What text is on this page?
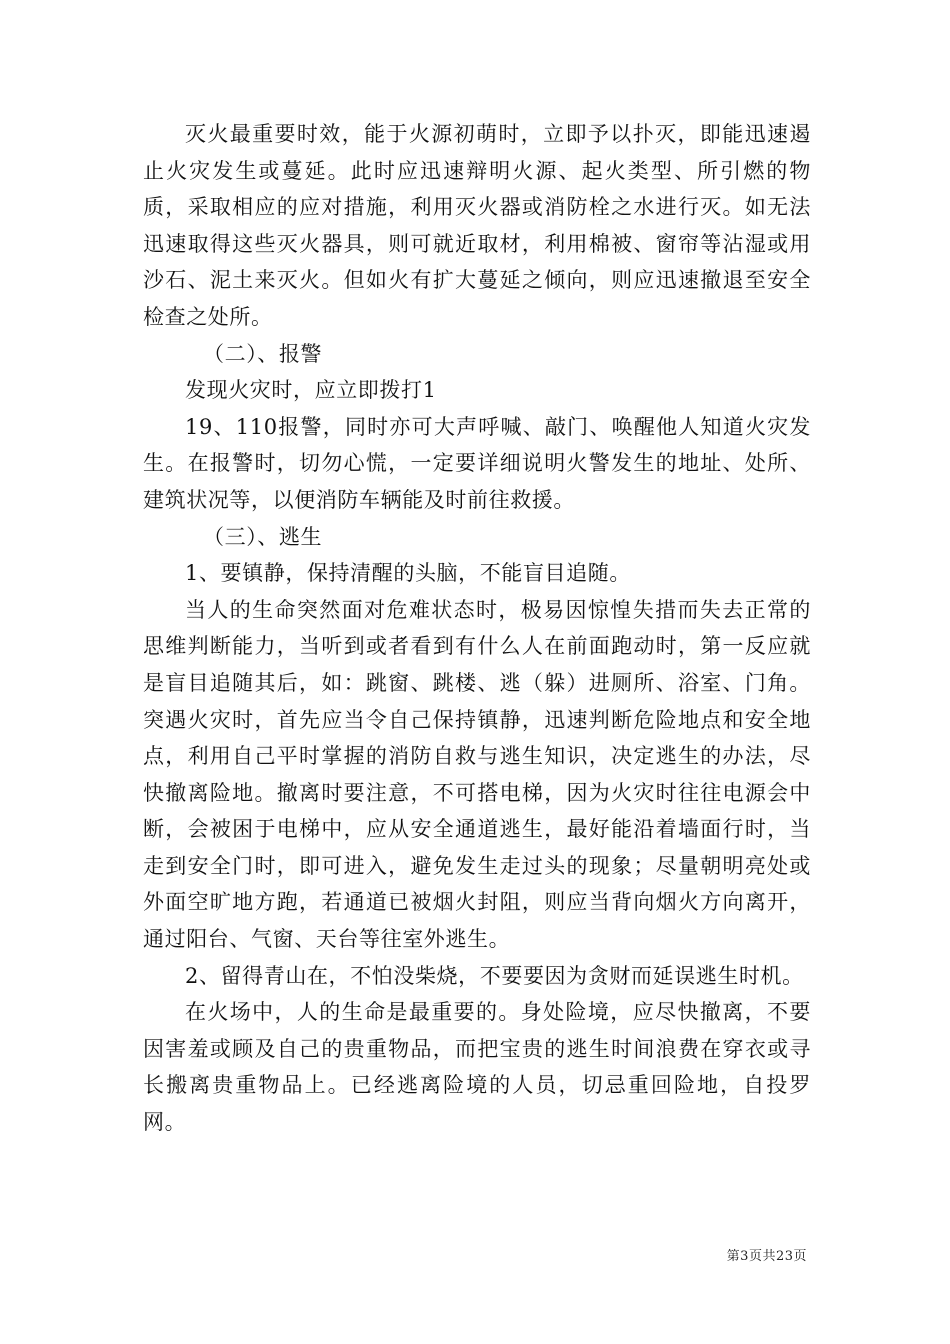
灭火最重要时效，能于火源初萌时，立即予以扑灭，即能迅速遏止火灾发生或蔓延。此时应迅速辩明火源、起火类型、所引燃的物质，采取相应的应对措施，利用灭火器或消防栓之水进行灭。如无法迅速取得这些灭火器具，则可就近取材，利用棉被、窗帘等沾湿或用沙石、泥土来灭火。但如火有扩大蔓延之倾向，则应迅速撤退至安全检查之处所。

（二）、报警

发现火灾时，应立即拨打1

19、110报警，同时亦可大声呼喊、敲门、唤醒他人知道火灾发生。在报警时，切勿心慌，一定要详细说明火警发生的地址、处所、建筑状况等，以便消防车辆能及时前往救援。

（三）、逃生

1、要镇静，保持清醒的头脑，不能盲目追随。

当人的生命突然面对危难状态时，极易因惊惶失措而失去正常的思维判断能力，当听到或者看到有什么人在前面跑动时，第一反应就是盲目追随其后，如：跳窗、跳楼、逃（躲）进厕所、浴室、门角。突遇火灾时，首先应当令自己保持镇静，迅速判断危险地点和安全地点，利用自己平时掌握的消防自救与逃生知识，决定逃生的办法，尽快撤离险地。撤离时要注意，不可搭电梯，因为火灾时往往电源会中断，会被困于电梯中，应从安全通道逃生，最好能沿着墙面行时，当走到安全门时，即可进入，避免发生走过头的现象；尽量朝明亮处或外面空旷地方跑，若通道已被烟火封阻，则应当背向烟火方向离开，通过阳台、气窗、天台等往室外逃生。

2、留得青山在，不怕没柴烧，不要要因为贪财而延误逃生时机。

在火场中，人的生命是最重要的。身处险境，应尽快撤离，不要因害羞或顾及自己的贵重物品，而把宝贵的逃生时间浪费在穿衣或寻长搬离贵重物品上。已经逃离险境的人员，切忌重回险地，自投罗网。

第3页共23页
